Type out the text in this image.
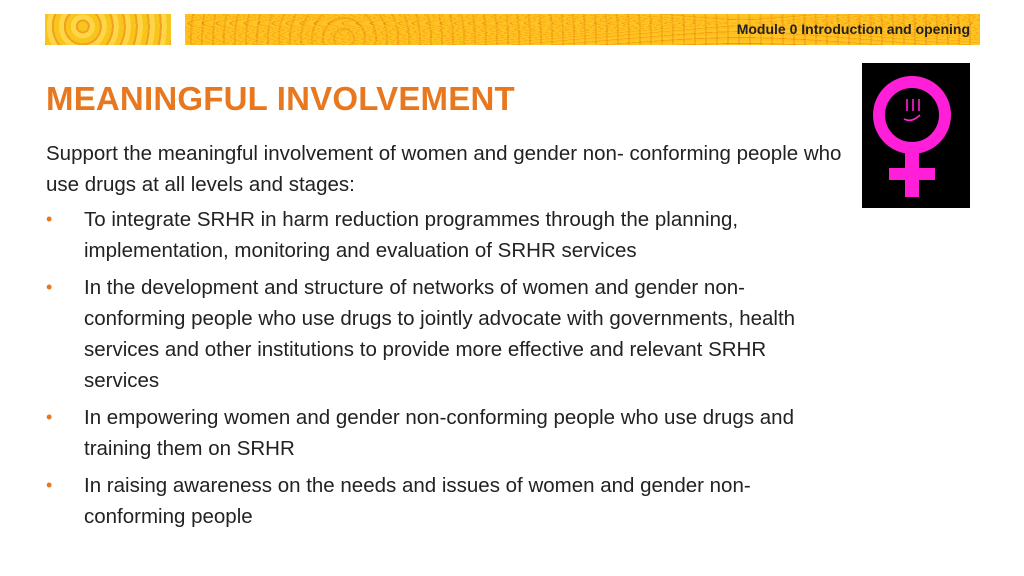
Module 0 Introduction and opening
MEANINGFUL INVOLVEMENT

Support the meaningful involvement of women and gender non- conforming people who use drugs at all levels and stages:

• To integrate SRHR in harm reduction programmes through the planning, implementation, monitoring and evaluation of SRHR services
• In the development and structure of networks of women and gender non-conforming people who use drugs to jointly advocate with governments, health services and other institutions to provide more effective and relevant SRHR services
• In empowering women and gender non-conforming people who use drugs and training them on SRHR
• In raising awareness on the needs and issues of women and gender non-conforming people
